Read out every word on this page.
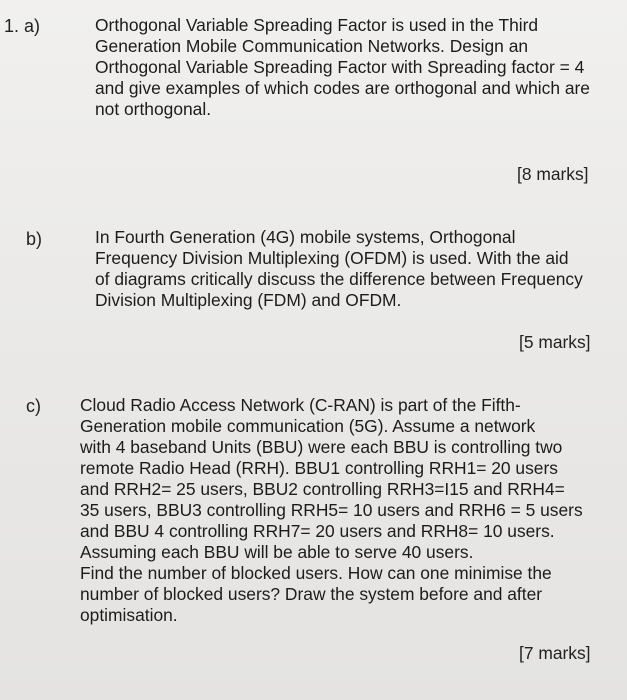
1. a)	Orthogonal Variable Spreading Factor is used in the Third
Generation Mobile Communication Networks. Design an
Orthogonal Variable Spreading Factor with Spreading factor = 4
and give examples of which codes are orthogonal and which are
not orthogonal.
[8 marks]
b)	In Fourth Generation (4G) mobile systems, Orthogonal
Frequency Division Multiplexing (OFDM) is used. With the aid
of diagrams critically discuss the difference between Frequency
Division Multiplexing (FDM) and OFDM.
[5 marks]
c) Cloud Radio Access Network (C-RAN) is part of the Fifth-
Generation mobile communication (5G). Assume a network
with 4 baseband Units (BBU) were each BBU is controlling two
remote Radio Head (RRH). BBU1 controlling RRH1= 20 users
and RRH2= 25 users, BBU2 controlling RRH3=I15 and RRH4=
35 users, BBU3 controlling RRH5= 10 users and RRH6 = 5 users
and BBU 4 controlling RRH7= 20 users and RRH8= 10 users.
Assuming each BBU will be able to serve 40 users.
Find the number of blocked users. How can one minimise the
number of blocked users? Draw the system before and after
optimisation.
[7 marks]
